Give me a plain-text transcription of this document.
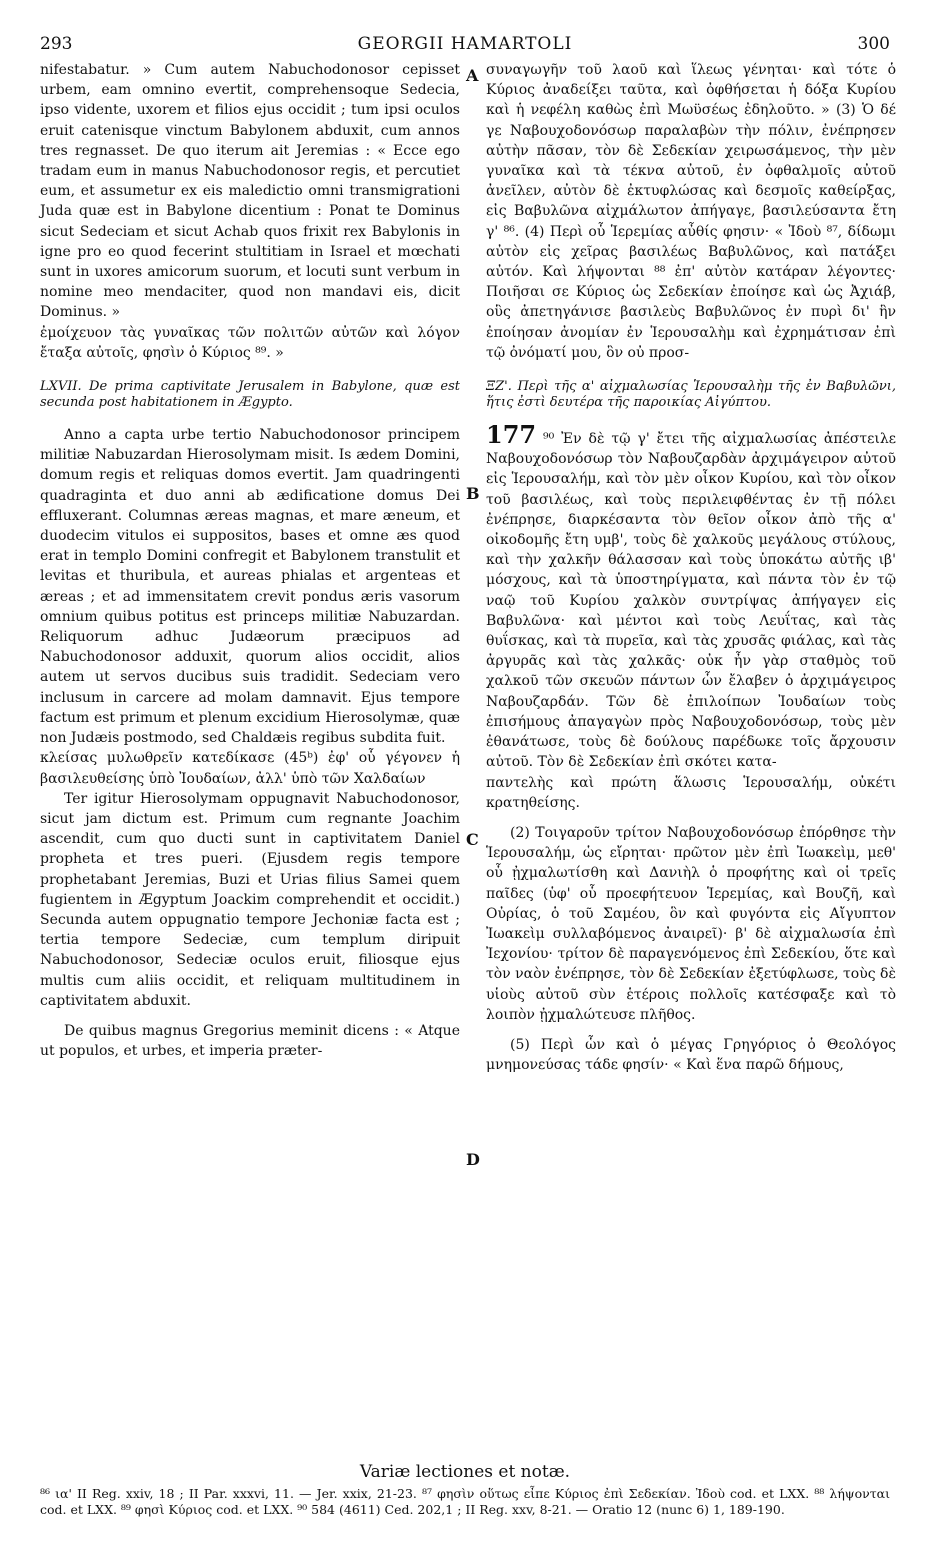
293	GEORGII HAMARTOLI	300
A
B
C
D

nifestabatur. » Cum autem Nabuchodonosor cepisset urbem, eam omnino evertit, comprehensoque Sedecia, ipso vidente, uxorem et filios ejus occidit ; tum ipsi oculos eruit catenisque vinctum Babylonem abduxit, cum annos tres regnasset. De quo iterum ait Jeremias : « Ecce ego tradam eum in manus Nabuchodonosor regis, et percutiet eum, et assumetur ex eis maledictio omni transmigrationi Juda quæ est in Babylone dicentium : Ponat te Dominus sicut Sedeciam et sicut Achab quos frixit rex Babylonis in igne pro eo quod fecerint stultitiam in Israel et mœchati sunt in uxores amicorum suorum, et locuti sunt verbum in nomine meo mendaciter, quod non mandavi eis, dicit Dominus. »

ἐμοίχευον τὰς γυναῖκας τῶν πολιτῶν αὐτῶν καὶ λόγον ἔταξα αὐτοῖς, φησὶν ὁ Κύριος ⁸⁹. »

LXVII. De prima captivitate Jerusalem in Babylone, quæ est secunda post habitationem in Ægypto.

Anno a capta urbe tertio Nabuchodonosor principem militiæ Nabuzardan Hierosolymam misit. Is ædem Domini, domum regis et reliquas domos evertit. Jam quadringenti quadraginta et duo anni ab ædificatione domus Dei effluxerant. Columnas æreas magnas, et mare æneum, et duodecim vitulos ei suppositos, bases et omne æs quod erat in templo Domini confregit et Babylonem transtulit et levitas et thuribula, et aureas phialas et argenteas et æreas ; et ad immensitatem crevit pondus æris vasorum omnium quibus potitus est princeps militiæ Nabuzardan. Reliquorum adhuc Judæorum præcipuos ad Nabuchodonosor adduxit, quorum alios occidit, alios autem ut servos ducibus suis tradidit. Sedeciam vero inclusum in carcere ad molam damnavit. Ejus tempore factum est primum et plenum excidium Hierosolymæ, quæ non Judæis postmodo, sed Chaldæis regibus subdita fuit.

κλείσας μυλωθρεῖν κατεδίκασε (45ᵇ) ἐφ' οὗ γέγονεν ἡ βασιλευθείσης ὑπὸ Ἰουδαίων, ἀλλ' ὑπὸ τῶν Χαλδαίων

Ter igitur Hierosolymam oppugnavit Nabuchodonosor, sicut jam dictum est. Primum cum regnante Joachim ascendit, cum quo ducti sunt in captivitatem Daniel propheta et tres pueri. (Ejusdem regis tempore prophetabant Jeremias, Buzi et Urias filius Samei quem fugientem in Ægyptum Joackim comprehendit et occidit.) Secunda autem oppugnatio tempore Jechoniæ facta est ; tertia tempore Sedeciæ, cum templum diripuit Nabuchodonosor, Sedeciæ oculos eruit, filiosque ejus multis cum aliis occidit, et reliquam multitudinem in captivitatem abduxit.

De quibus magnus Gregorius meminit dicens : « Atque ut populos, et urbes, et imperia præter-

συναγωγῆν τοῦ λαοῦ καὶ ἵλεως γένηται· καὶ τότε ὁ Κύριος ἀναδείξει ταῦτα, καὶ ὀφθήσεται ἡ δόξα Κυρίου καὶ ἡ νεφέλη καθὼς ἐπὶ Μωϋσέως ἐδηλοῦτο. » (3) Ὁ δέ γε Ναβουχοδονόσωρ παραλαβὼν τὴν πόλιν, ἐνέπρησεν αὐτὴν πᾶσαν, τὸν δὲ Σεδεκίαν χειρωσάμενος, τὴν μὲν γυναῖκα καὶ τὰ τέκνα αὐτοῦ, ἐν ὀφθαλμοῖς αὐτοῦ ἀνεῖλεν, αὐτὸν δὲ ἐκτυφλώσας καὶ δεσμοῖς καθείρξας, εἰς Βαβυλῶνα αἰχμάλωτον ἀπήγαγε, βασιλεύσαντα ἔτη γ' ⁸⁶. (4) Περὶ οὗ Ἱερεμίας αὖθίς φησιν· « Ἰδοὺ ⁸⁷, δίδωμι αὐτὸν εἰς χεῖρας βασιλέως Βαβυλῶνος, καὶ πατάξει αὐτόν. Καὶ λήψονται ⁸⁸ ἐπ' αὐτὸν κατάραν λέγοντες· Ποιῆσαι σε Κύριος ὡς Σεδεκίαν ἐποίησε καὶ ὡς Ἀχιάβ, οὓς ἀπετηγάνισε βασιλεὺς Βαβυλῶνος ἐν πυρὶ δι' ἣν ἐποίησαν ἀνομίαν ἐν Ἱερουσαλὴμ καὶ ἐχρημάτισαν ἐπὶ τῷ ὀνόματί μου, ὃν οὐ προσ-

ΞΖ'. Περὶ τῆς α' αἰχμαλωσίας Ἱερουσαλὴμ τῆς ἐν Βαβυλῶνι, ἥτις ἐστὶ δευτέρα τῆς παροικίας Αἰγύπτου.

177 ⁹⁰ Ἐν δὲ τῷ γ' ἔτει τῆς αἰχμαλωσίας ἀπέστειλε Ναβουχοδονόσωρ τὸν Ναβουζαρδὰν ἀρχιμάγειρον αὐτοῦ εἰς Ἱερουσαλήμ, καὶ τὸν μὲν οἶκον Κυρίου, καὶ τὸν οἶκον τοῦ βασιλέως, καὶ τοὺς περιλειφθέντας ἐν τῇ πόλει ἐνέπρησε, διαρκέσαντα τὸν θεῖον οἶκον ἀπὸ τῆς α' οἰκοδομῆς ἔτη υμβ', τοὺς δὲ χαλκοῦς μεγάλους στύλους, καὶ τὴν χαλκῆν θάλασσαν καὶ τοὺς ὑποκάτω αὐτῆς ιβ' μόσχους, καὶ τὰ ὑποστηρίγματα, καὶ πάντα τὸν ἐν τῷ ναῷ τοῦ Κυρίου χαλκὸν συντρίψας ἀπήγαγεν εἰς Βαβυλῶνα· καὶ μέντοι καὶ τοὺς Λευΐτας, καὶ τὰς θυΐσκας, καὶ τὰ πυρεῖα, καὶ τὰς χρυσᾶς φιάλας, καὶ τὰς ἀργυρᾶς καὶ τὰς χαλκᾶς· οὐκ ἦν γὰρ σταθμὸς τοῦ χαλκοῦ τῶν σκευῶν πάντων ὧν ἔλαβεν ὁ ἀρχιμάγειρος Ναβουζαρδάν. Τῶν δὲ ἐπιλοίπων Ἰουδαίων τοὺς ἐπισήμους ἀπαγαγὼν πρὸς Ναβουχοδονόσωρ, τοὺς μὲν ἐθανάτωσε, τοὺς δὲ δούλους παρέδωκε τοῖς ἄρχουσιν αὐτοῦ. Τὸν δὲ Σεδεκίαν ἐπὶ σκότει κατα-

παντελὴς καὶ πρώτη ἅλωσις Ἱερουσαλήμ, οὐκέτι κρατηθείσης.

(2) Τοιγαροῦν τρίτον Ναβουχοδονόσωρ ἐπόρθησε τὴν Ἱερουσαλήμ, ὡς εἴρηται· πρῶτον μὲν ἐπὶ Ἰωακεὶμ, μεθ' οὗ ᾐχμαλωτίσθη καὶ Δανιὴλ ὁ προφήτης καὶ οἱ τρεῖς παῖδες (ὑφ' οὗ προεφήτευον Ἱερεμίας, καὶ Βουζῆ, καὶ Οὐρίας, ὁ τοῦ Σαμέου, ὃν καὶ φυγόντα εἰς Αἴγυπτον Ἰωακεὶμ συλλαβόμενος ἀναιρεῖ)· β' δὲ αἰχμαλωσία ἐπὶ Ἰεχονίου· τρίτον δὲ παραγενόμενος ἐπὶ Σεδεκίου, ὅτε καὶ τὸν ναὸν ἐνέπρησε, τὸν δὲ Σεδεκίαν ἐξετύφλωσε, τοὺς δὲ υἱοὺς αὐτοῦ σὺν ἑτέροις πολλοῖς κατέσφαξε καὶ τὸ λοιπὸν ᾐχμαλώτευσε πλῆθος.

(5) Περὶ ὧν καὶ ὁ μέγας Γρηγόριος ὁ Θεολόγος μνημονεύσας τάδε φησίν· « Καὶ ἕνα παρῶ δήμους,

Variæ lectiones et notæ.
⁸⁶ ια' II Reg. xxiv, 18 ; II Par. xxxvi, 11. — Jer. xxix, 21-23. ⁸⁷ φησὶν οὕτως εἶπε Κύριος ἐπὶ Σεδεκίαν. Ἰδοὺ cod. et LXX. ⁸⁸ λήψονται cod. et LXX. ⁸⁹ φησὶ Κύριος cod. et LXX. ⁹⁰ 584 (4611) Ced. 202,1 ; II Reg. xxv, 8-21. — Oratio 12 (nunc 6) 1, 189-190.
